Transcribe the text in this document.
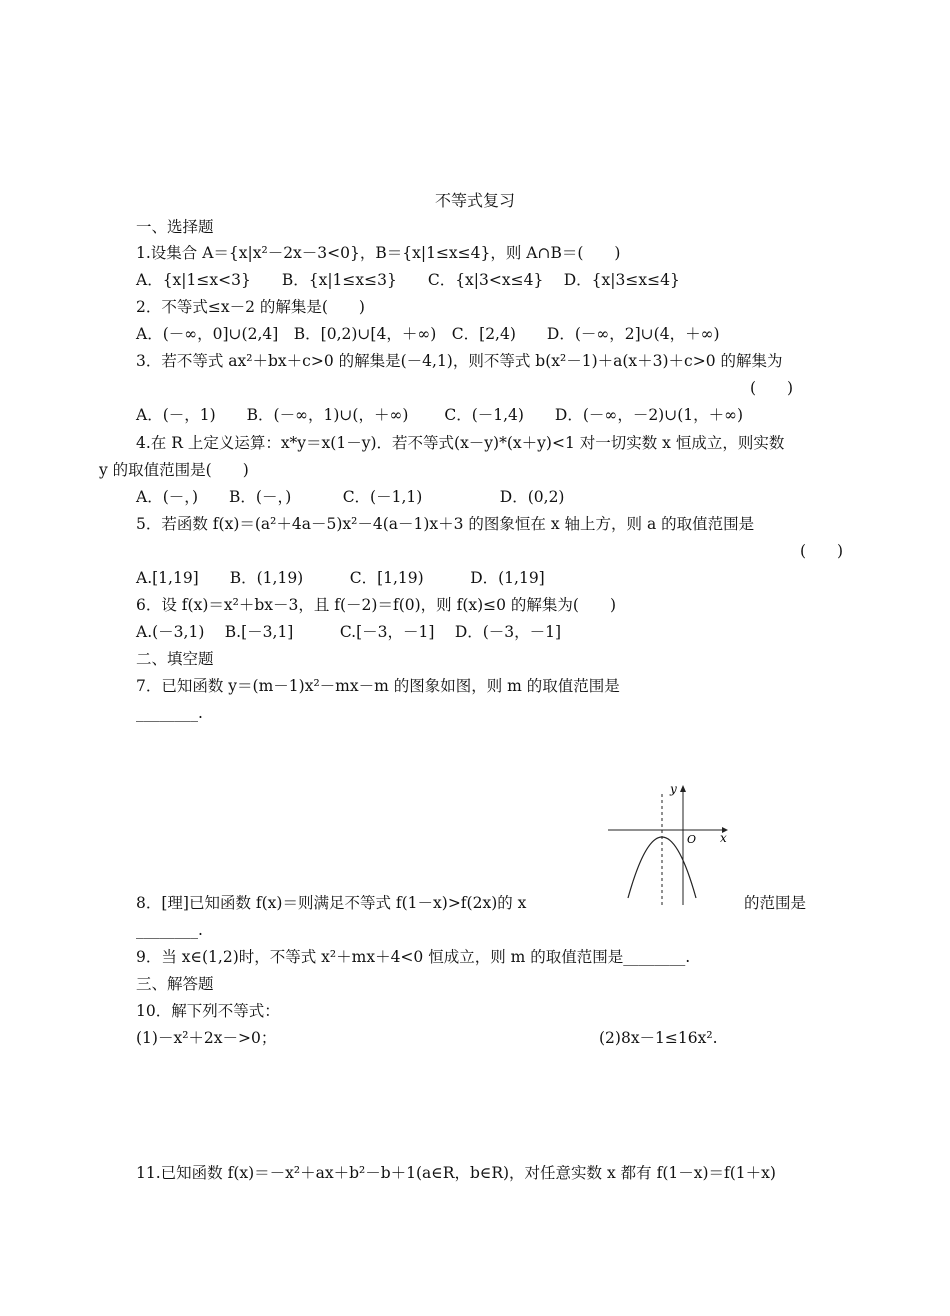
不等式复习
一、选择题
1.设集合 A＝{x|x²－2x－3<0}，B＝{x|1≤x≤4}，则 A∩B＝(　　)
A．{x|1≤x<3}　　B．{x|1≤x≤3}　　C．{x|3<x≤4}　 D．{x|3≤x≤4}
2．不等式≤x－2 的解集是(　　)
A．(－∞，0]∪(2,4]　B．[0,2)∪[4，＋∞)　C．[2,4)　　D．(－∞，2]∪(4，＋∞)
3．若不等式 ax²＋bx＋c>0 的解集是(－4,1)，则不等式 b(x²－1)＋a(x＋3)＋c>0 的解集为
(　　)
A．(－，1)　　B．(－∞，1)∪(，＋∞)　　 C．(－1,4)　　D．(－∞，－2)∪(1，＋∞)
4.在 R 上定义运算：x*y＝x(1－y)．若不等式(x－y)*(x＋y)<1 对一切实数 x 恒成立，则实数
y 的取值范围是(　　)
A．(－，)　　B．(－，)　　　 C．(－1,1)　　　　　D．(0,2)
5．若函数 f(x)＝(a²＋4a－5)x²－4(a－1)x＋3 的图象恒在 x 轴上方，则 a 的取值范围是
(　　)
A.[1,19]　　B．(1,19)　　　C．[1,19)　　　D．(1,19]
6．设 f(x)＝x²＋bx－3，且 f(－2)＝f(0)，则 f(x)≤0 的解集为(　　)
A.(－3,1)　 B.[－3,1]　　　C.[－3，－1]　 D．(－3，－1]
二、填空题
7．已知函数 y＝(m－1)x²－mx－m 的图象如图，则 m 的取值范围是
________.
y
x
O
8．[理]已知函数 f(x)＝则满足不等式 f(1－x)>f(2x)的 x	的范围是
________.
9．当 x∈(1,2)时，不等式 x²＋mx＋4<0 恒成立，则 m 的取值范围是________.
三、解答题
10．解下列不等式：
(1)－x²＋2x－>0；	(2)8x－1≤16x².
11.已知函数 f(x)＝－x²＋ax＋b²－b＋1(a∈R，b∈R)，对任意实数 x 都有 f(1－x)＝f(1＋x)
